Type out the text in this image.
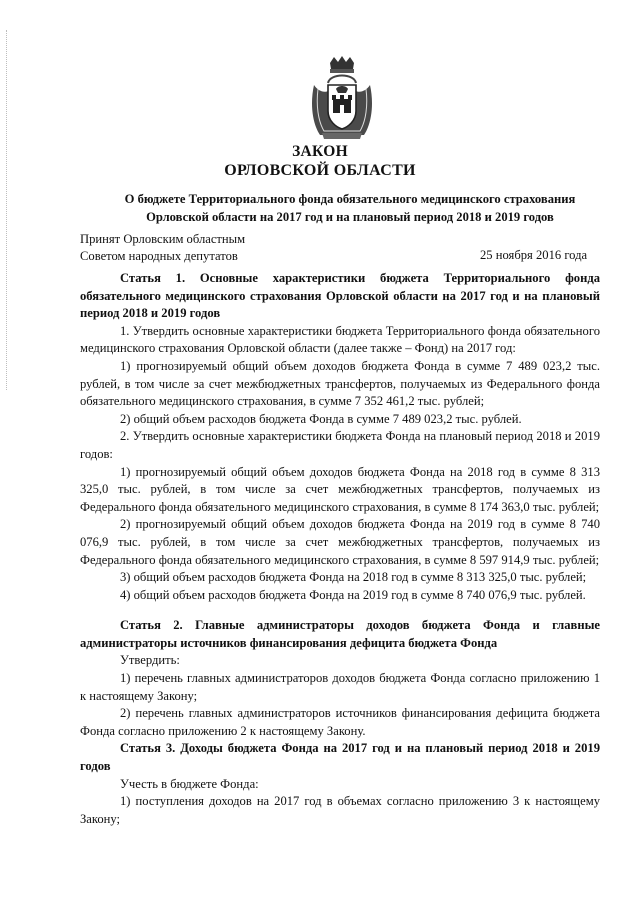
ЗАКОН
ОРЛОВСКОЙ ОБЛАСТИ
О бюджете Территориального фонда обязательного медицинского страхования
Орловской области на 2017 год и на плановый период 2018 и 2019 годов
Принят Орловским областным
Советом народных депутатов	25 ноября 2016 года

Статья 1. Основные характеристики бюджета Территориального фонда обязательного медицинского страхования Орловской области на 2017 год и на плановый период 2018 и 2019 годов

1. Утвердить основные характеристики бюджета Территориального фонда обязательного медицинского страхования Орловской области (далее также – Фонд) на 2017 год:

1) прогнозируемый общий объем доходов бюджета Фонда в сумме 7 489 023,2 тыс. рублей, в том числе за счет межбюджетных трансфертов, получаемых из Федерального фонда обязательного медицинского страхования, в сумме 7 352 461,2 тыс. рублей;

2) общий объем расходов бюджета Фонда в сумме 7 489 023,2 тыс. рублей.

2. Утвердить основные характеристики бюджета Фонда на плановый период 2018 и 2019 годов:

1) прогнозируемый общий объем доходов бюджета Фонда на 2018 год в сумме 8 313 325,0 тыс. рублей, в том числе за счет межбюджетных трансфертов, получаемых из Федерального фонда обязательного медицинского страхования, в сумме 8 174 363,0 тыс. рублей;

2) прогнозируемый общий объем доходов бюджета Фонда на 2019 год в сумме 8 740 076,9 тыс. рублей, в том числе за счет межбюджетных трансфертов, получаемых из Федерального фонда обязательного медицинского страхования, в сумме 8 597 914,9 тыс. рублей;

3) общий объем расходов бюджета Фонда на 2018 год в сумме 8 313 325,0 тыс. рублей;

4) общий объем расходов бюджета Фонда на 2019 год в сумме 8 740 076,9 тыс. рублей.

Статья 2. Главные администраторы доходов бюджета Фонда и главные администраторы источников финансирования дефицита бюджета Фонда

Утвердить:

1) перечень главных администраторов доходов бюджета Фонда согласно приложению 1 к настоящему Закону;

2) перечень главных администраторов источников финансирования дефицита бюджета Фонда согласно приложению 2 к настоящему Закону.

Статья 3. Доходы бюджета Фонда на 2017 год и на плановый период 2018 и 2019 годов

Учесть в бюджете Фонда:

1) поступления доходов на 2017 год в объемах согласно приложению 3 к настоящему Закону;
